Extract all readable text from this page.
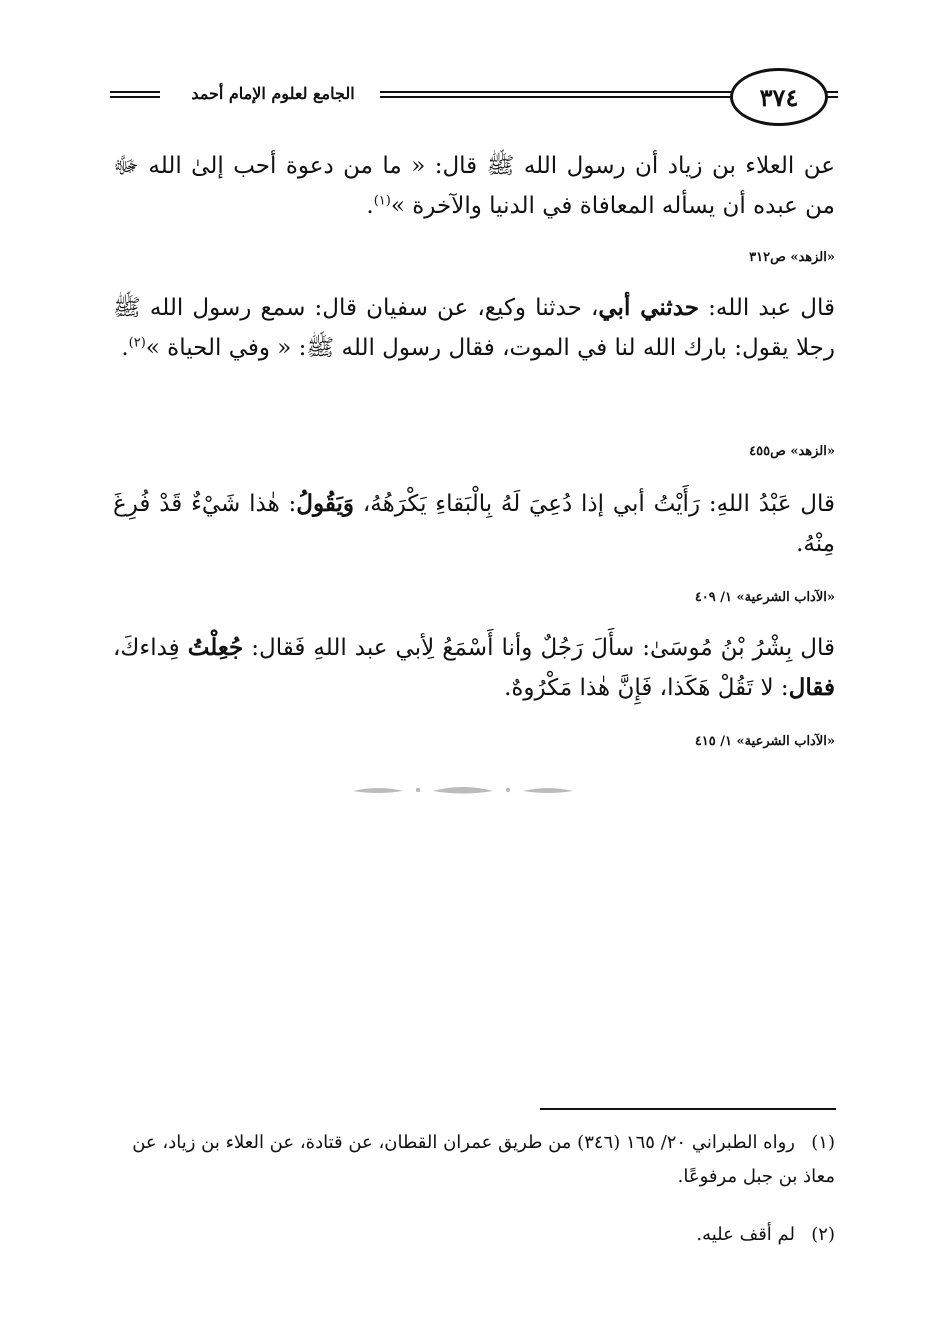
الجامع لعلوم الإمام أحمد	٣٧٤
عن العلاء بن زياد أن رسول الله ﷺ قال: « ما من دعوة أحب إلىٰ الله ﷻ من عبده أن يسأله المعافاة في الدنيا والآخرة »$^{(١)}$.
«الزهد» ص٣١٢
قال عبد الله: حدثني أبي، حدثنا وكيع، عن سفيان قال: سمع رسول الله ﷺ رجلا يقول: بارك الله لنا في الموت، فقال رسول الله ﷺ: « وفي الحياة »$^{(٢)}$.
«الزهد» ص٤٥٥
قال عَبْدُ اللهِ: رَأَيْتُ أبي إذا دُعِيَ لَهُ بِالْبَقاءِ يَكْرَهُهُ، وَيَقُولُ: هٰذا شَيْءٌ قَدْ فُرِغَ مِنْهُ.
«الآداب الشرعية» ١/ ٤٠٩
قال بِشْرُ بْنُ مُوسَىٰ: سأَلَ رَجُلٌ وأنا أَسْمَعُ لِأبي عبد اللهِ فَقال: جُعِلْتُ فِداءكَ، فقال: لا تَقُلْ هَكَذا، فَإِنَّ هٰذا مَكْرُوهٌ.
«الآداب الشرعية» ١/ ٤١٥
(١)رواه الطبراني ٢٠/ ١٦٥ (٣٤٦) من طريق عمران القطان، عن قتادة، عن العلاء بن زياد، عن معاذ بن جبل مرفوعًا.
(٢)لم أقف عليه.
